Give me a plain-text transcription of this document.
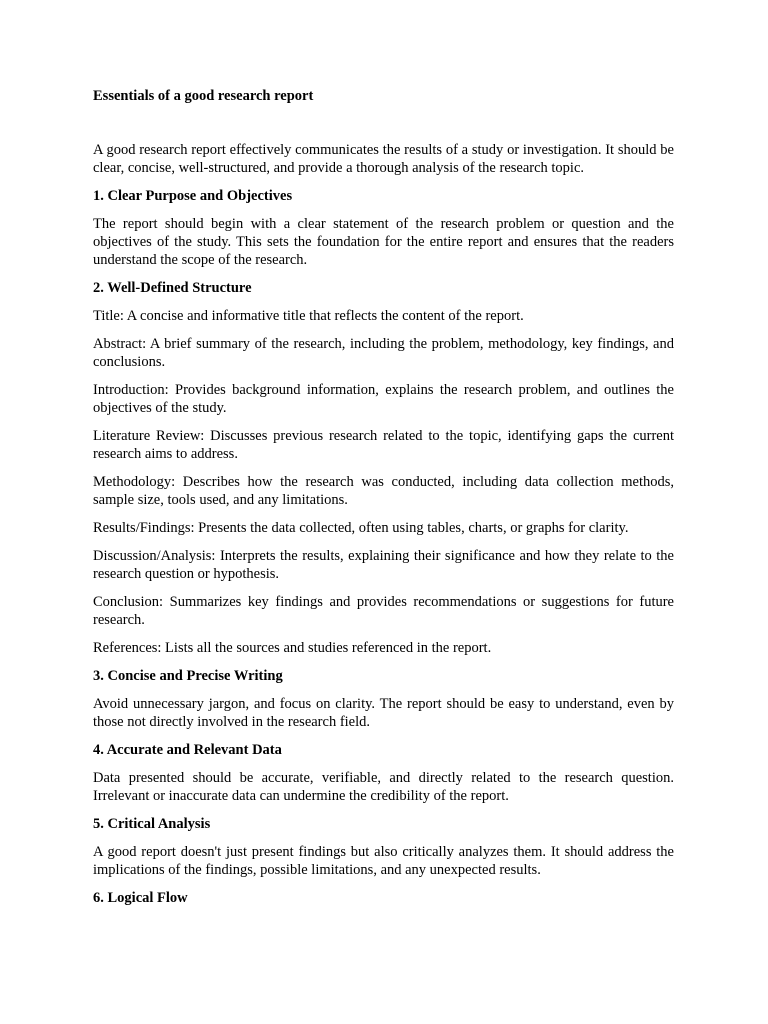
Essentials of a good research report

A good research report effectively communicates the results of a study or investigation. It should be clear, concise, well-structured, and provide a thorough analysis of the research topic.

1. Clear Purpose and Objectives

The report should begin with a clear statement of the research problem or question and the objectives of the study. This sets the foundation for the entire report and ensures that the readers understand the scope of the research.

2. Well-Defined Structure

Title: A concise and informative title that reflects the content of the report.

Abstract: A brief summary of the research, including the problem, methodology, key findings, and conclusions.

Introduction: Provides background information, explains the research problem, and outlines the objectives of the study.

Literature Review: Discusses previous research related to the topic, identifying gaps the current research aims to address.

Methodology: Describes how the research was conducted, including data collection methods, sample size, tools used, and any limitations.

Results/Findings: Presents the data collected, often using tables, charts, or graphs for clarity.

Discussion/Analysis: Interprets the results, explaining their significance and how they relate to the research question or hypothesis.

Conclusion: Summarizes key findings and provides recommendations or suggestions for future research.

References: Lists all the sources and studies referenced in the report.

3. Concise and Precise Writing

Avoid unnecessary jargon, and focus on clarity. The report should be easy to understand, even by those not directly involved in the research field.

4. Accurate and Relevant Data

Data presented should be accurate, verifiable, and directly related to the research question. Irrelevant or inaccurate data can undermine the credibility of the report.

5. Critical Analysis

A good report doesn't just present findings but also critically analyzes them. It should address the implications of the findings, possible limitations, and any unexpected results.

6. Logical Flow
